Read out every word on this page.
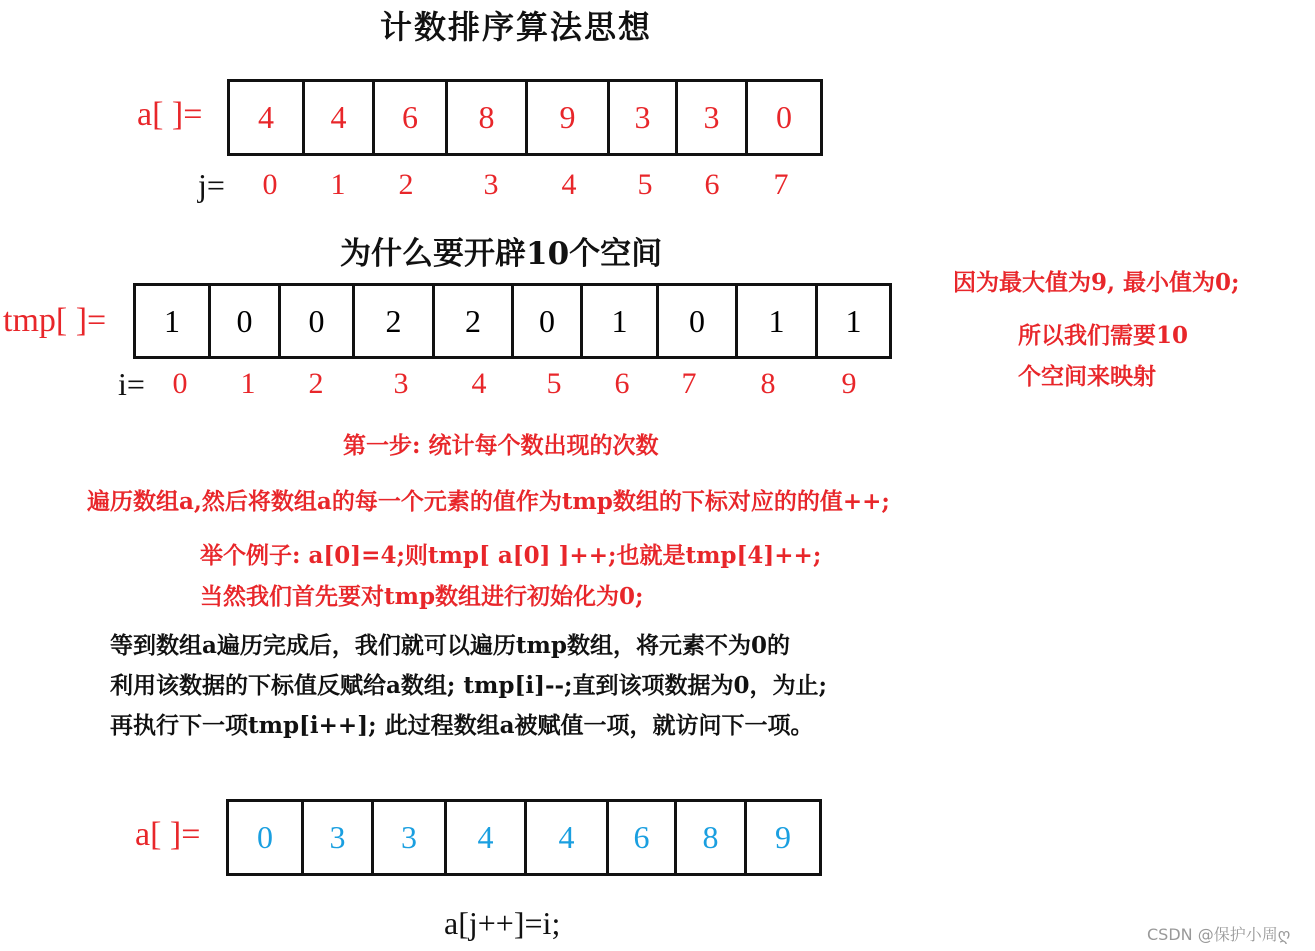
计数排序算法思想
a[ ]=	4	4	6	8	9	3	3	0
j= 0 1 2 3 4 5 6 7
为什么要开辟10个空间
tmp[ ]=	1	0	0	2	2	0	1	0	1	1
i= 0 1 2 3 4 5 6 7 8 9
因为最大值为9, 最小值为0;
所以我们需要10
个空间来映射
第一步: 统计每个数出现的次数
遍历数组a,然后将数组a的每一个元素的值作为tmp数组的下标对应的的值++;
举个例子: a[0]=4;则tmp[ a[0] ]++;也就是tmp[4]++;
当然我们首先要对tmp数组进行初始化为0;
等到数组a遍历完成后，我们就可以遍历tmp数组，将元素不为0的
利用该数据的下标值反赋给a数组; tmp[i]--;直到该项数据为0，为止;
再执行下一项tmp[i++]; 此过程数组a被赋值一项，就访问下一项。
a[ ]=	0	3	3	4	4	6	8	9
a[j++]=i;	CSDN @保护小周ღ
